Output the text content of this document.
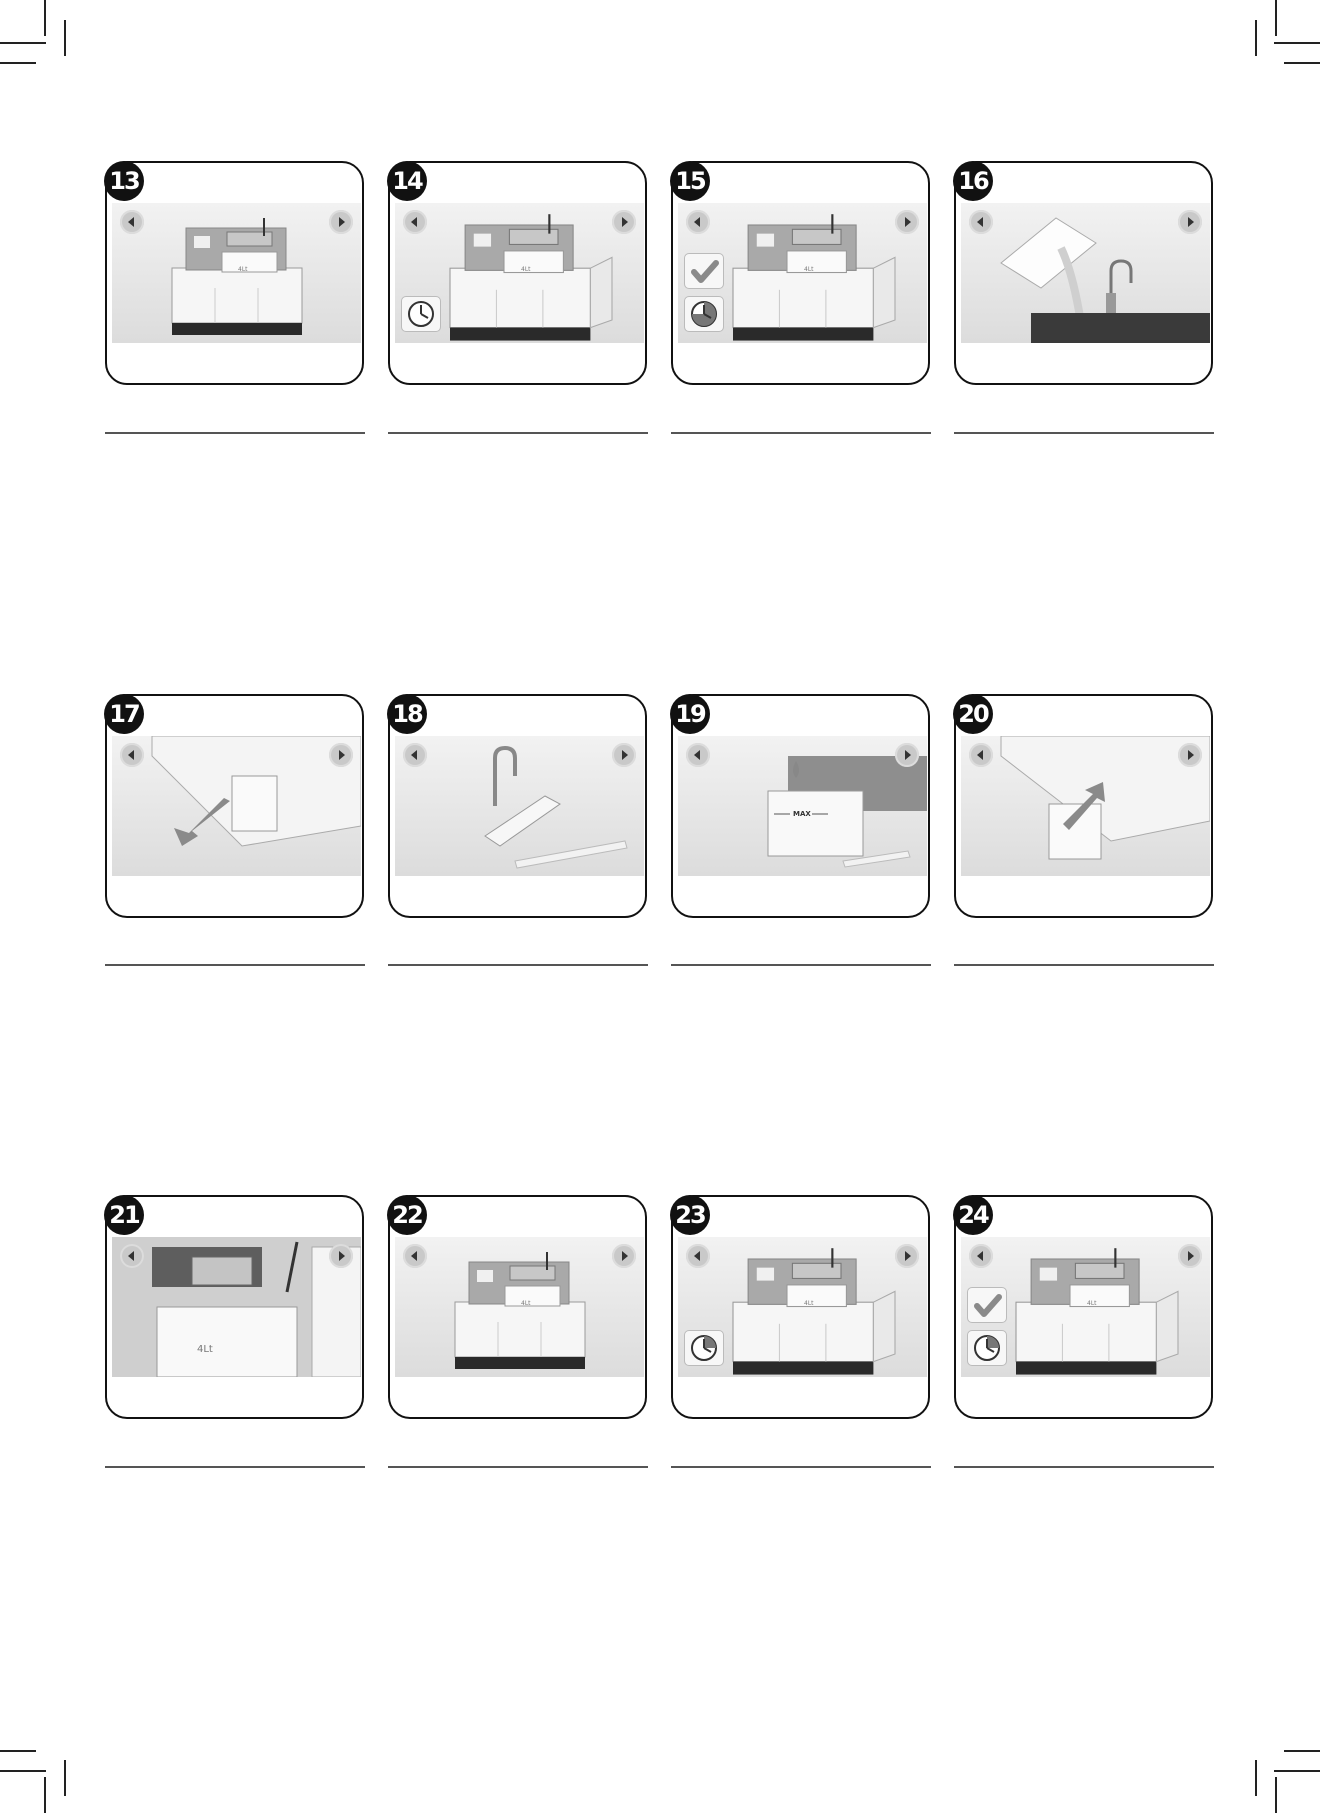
4Lt
13
4Lt
14
4Lt
15	16
17	18
MAX
19	20
4Lt
21
4Lt
22
4Lt
23
4Lt
24
